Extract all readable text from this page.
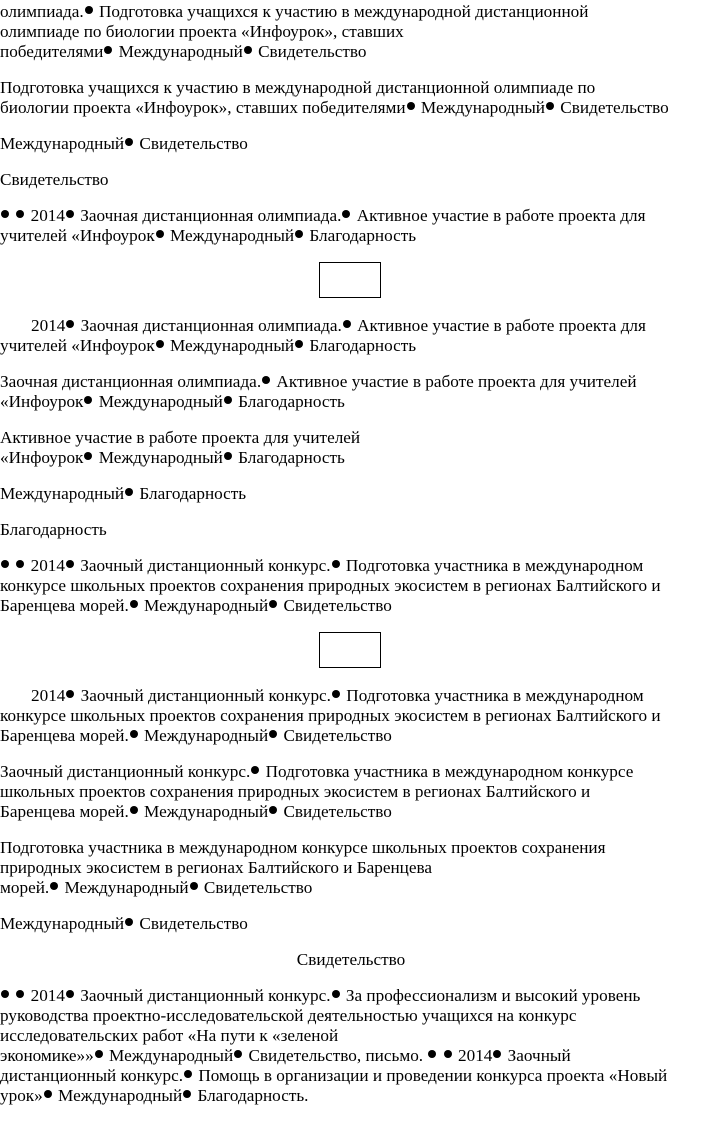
олимпиада. Подготовка учащихся к участию в международной дистанционной
олимпиаде по биологии проекта «Инфоурок», ставших
победителями Международный Свидетельство

Подготовка учащихся к участию в международной дистанционной олимпиаде по
биологии проекта «Инфоурок», ставших победителями Международный Свидетельство

Международный Свидетельство

Свидетельство

2014 Заочная дистанционная олимпиада. Активное участие в работе проекта для
учителей «Инфоурок Международный Благодарность

2014 Заочная дистанционная олимпиада. Активное участие в работе проекта для
учителей «Инфоурок Международный Благодарность

Заочная дистанционная олимпиада. Активное участие в работе проекта для учителей
«Инфоурок Международный Благодарность

Активное участие в работе проекта для учителей
«Инфоурок Международный Благодарность

Международный Благодарность

Благодарность

2014 Заочный дистанционный конкурс. Подготовка участника в международном
конкурсе школьных проектов сохранения природных экосистем в регионах Балтийского и
Баренцева морей. Международный Свидетельство

2014 Заочный дистанционный конкурс. Подготовка участника в международном
конкурсе школьных проектов сохранения природных экосистем в регионах Балтийского и
Баренцева морей. Международный Свидетельство

Заочный дистанционный конкурс. Подготовка участника в международном конкурсе
школьных проектов сохранения природных экосистем в регионах Балтийского и
Баренцева морей. Международный Свидетельство

Подготовка участника в международном конкурсе школьных проектов сохранения
природных экосистем в регионах Балтийского и Баренцева
морей. Международный Свидетельство

Международный Свидетельство

Свидетельство

2014 Заочный дистанционный конкурс. За профессионализм и высокий уровень
руководства проектно-исследовательской деятельностью учащихся на конкурс
исследовательских работ «На пути к «зеленой
экономике»» Международный Свидетельство, письмо.   2014 Заочный
дистанционный конкурс. Помощь в организации и проведении конкурса проекта «Новый
урок» Международный Благодарность.
